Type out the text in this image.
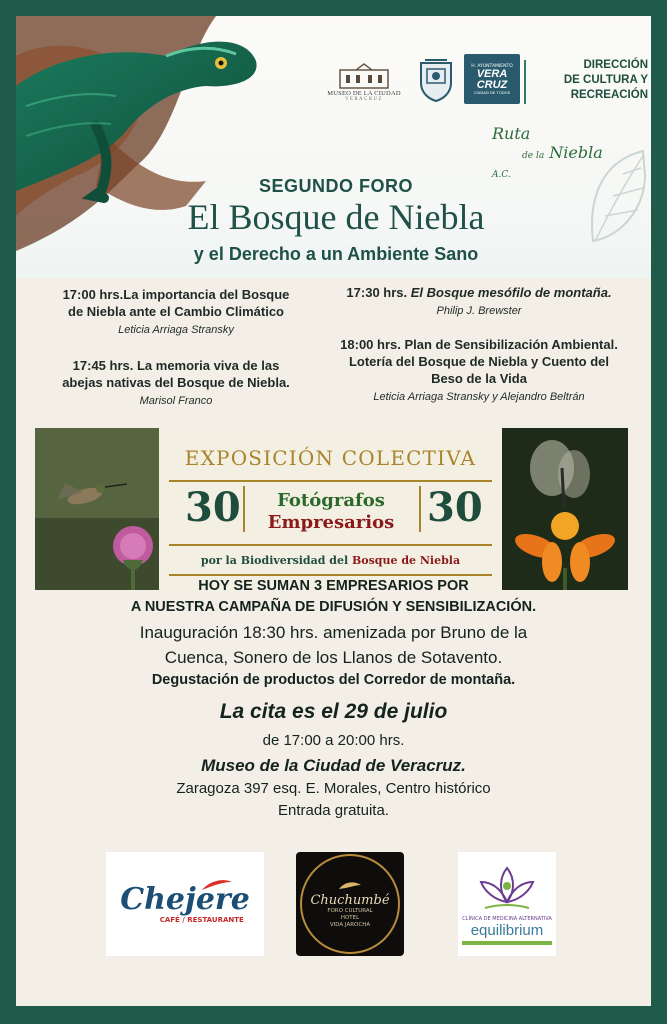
MUSEO DE LA CIUDAD
VERACRUZ
H. AYUNTAMIENTO
VERA CRUZ
CIUDAD DE TODOS
DIRECCIÓN
DE CULTURA Y
RECREACIÓN
Ruta
de la Niebla A.C.
SEGUNDO FORO
El Bosque de Niebla
y el Derecho a un Ambiente Sano
17:00 hrs.La importancia del Bosque de Niebla ante el Cambio Climático
Leticia Arriaga Stransky
17:45 hrs. La memoria viva de las abejas nativas del Bosque de Niebla. Marisol Franco
17:30 hrs. El Bosque mesófilo de montaña. Philip J. Brewster
18:00 hrs. Plan de Sensibilización Ambiental. Lotería del Bosque de Niebla y Cuento del Beso de la Vida
Leticia Arriaga Stransky y Alejandro Beltrán
EXPOSICIÓN COLECTIVA
30	Fotógrafos
Empresarios 30
por la Biodiversidad del Bosque de Niebla
HOY SE SUMAN 3 EMPRESARIOS POR
A NUESTRA CAMPAÑA DE DIFUSIÓN Y SENSIBILIZACIÓN.
Inauguración 18:30 hrs. amenizada por Bruno de la
Cuenca, Sonero de los Llanos de Sotavento.
Degustación de productos del Corredor de montaña.
La cita es el 29 de julio
de 17:00 a 20:00 hrs.
Museo de la Ciudad de Veracruz.
Zaragoza 397 esq. E. Morales, Centro histórico
Entrada gratuita.
Chejere
CAFÉ / RESTAURANTE
Chuchumbé
FORO CULTURAL
HOTEL
VIDA JAROCHA
CLÍNICA DE MEDICINA ALTERNATIVA
equilibrium
